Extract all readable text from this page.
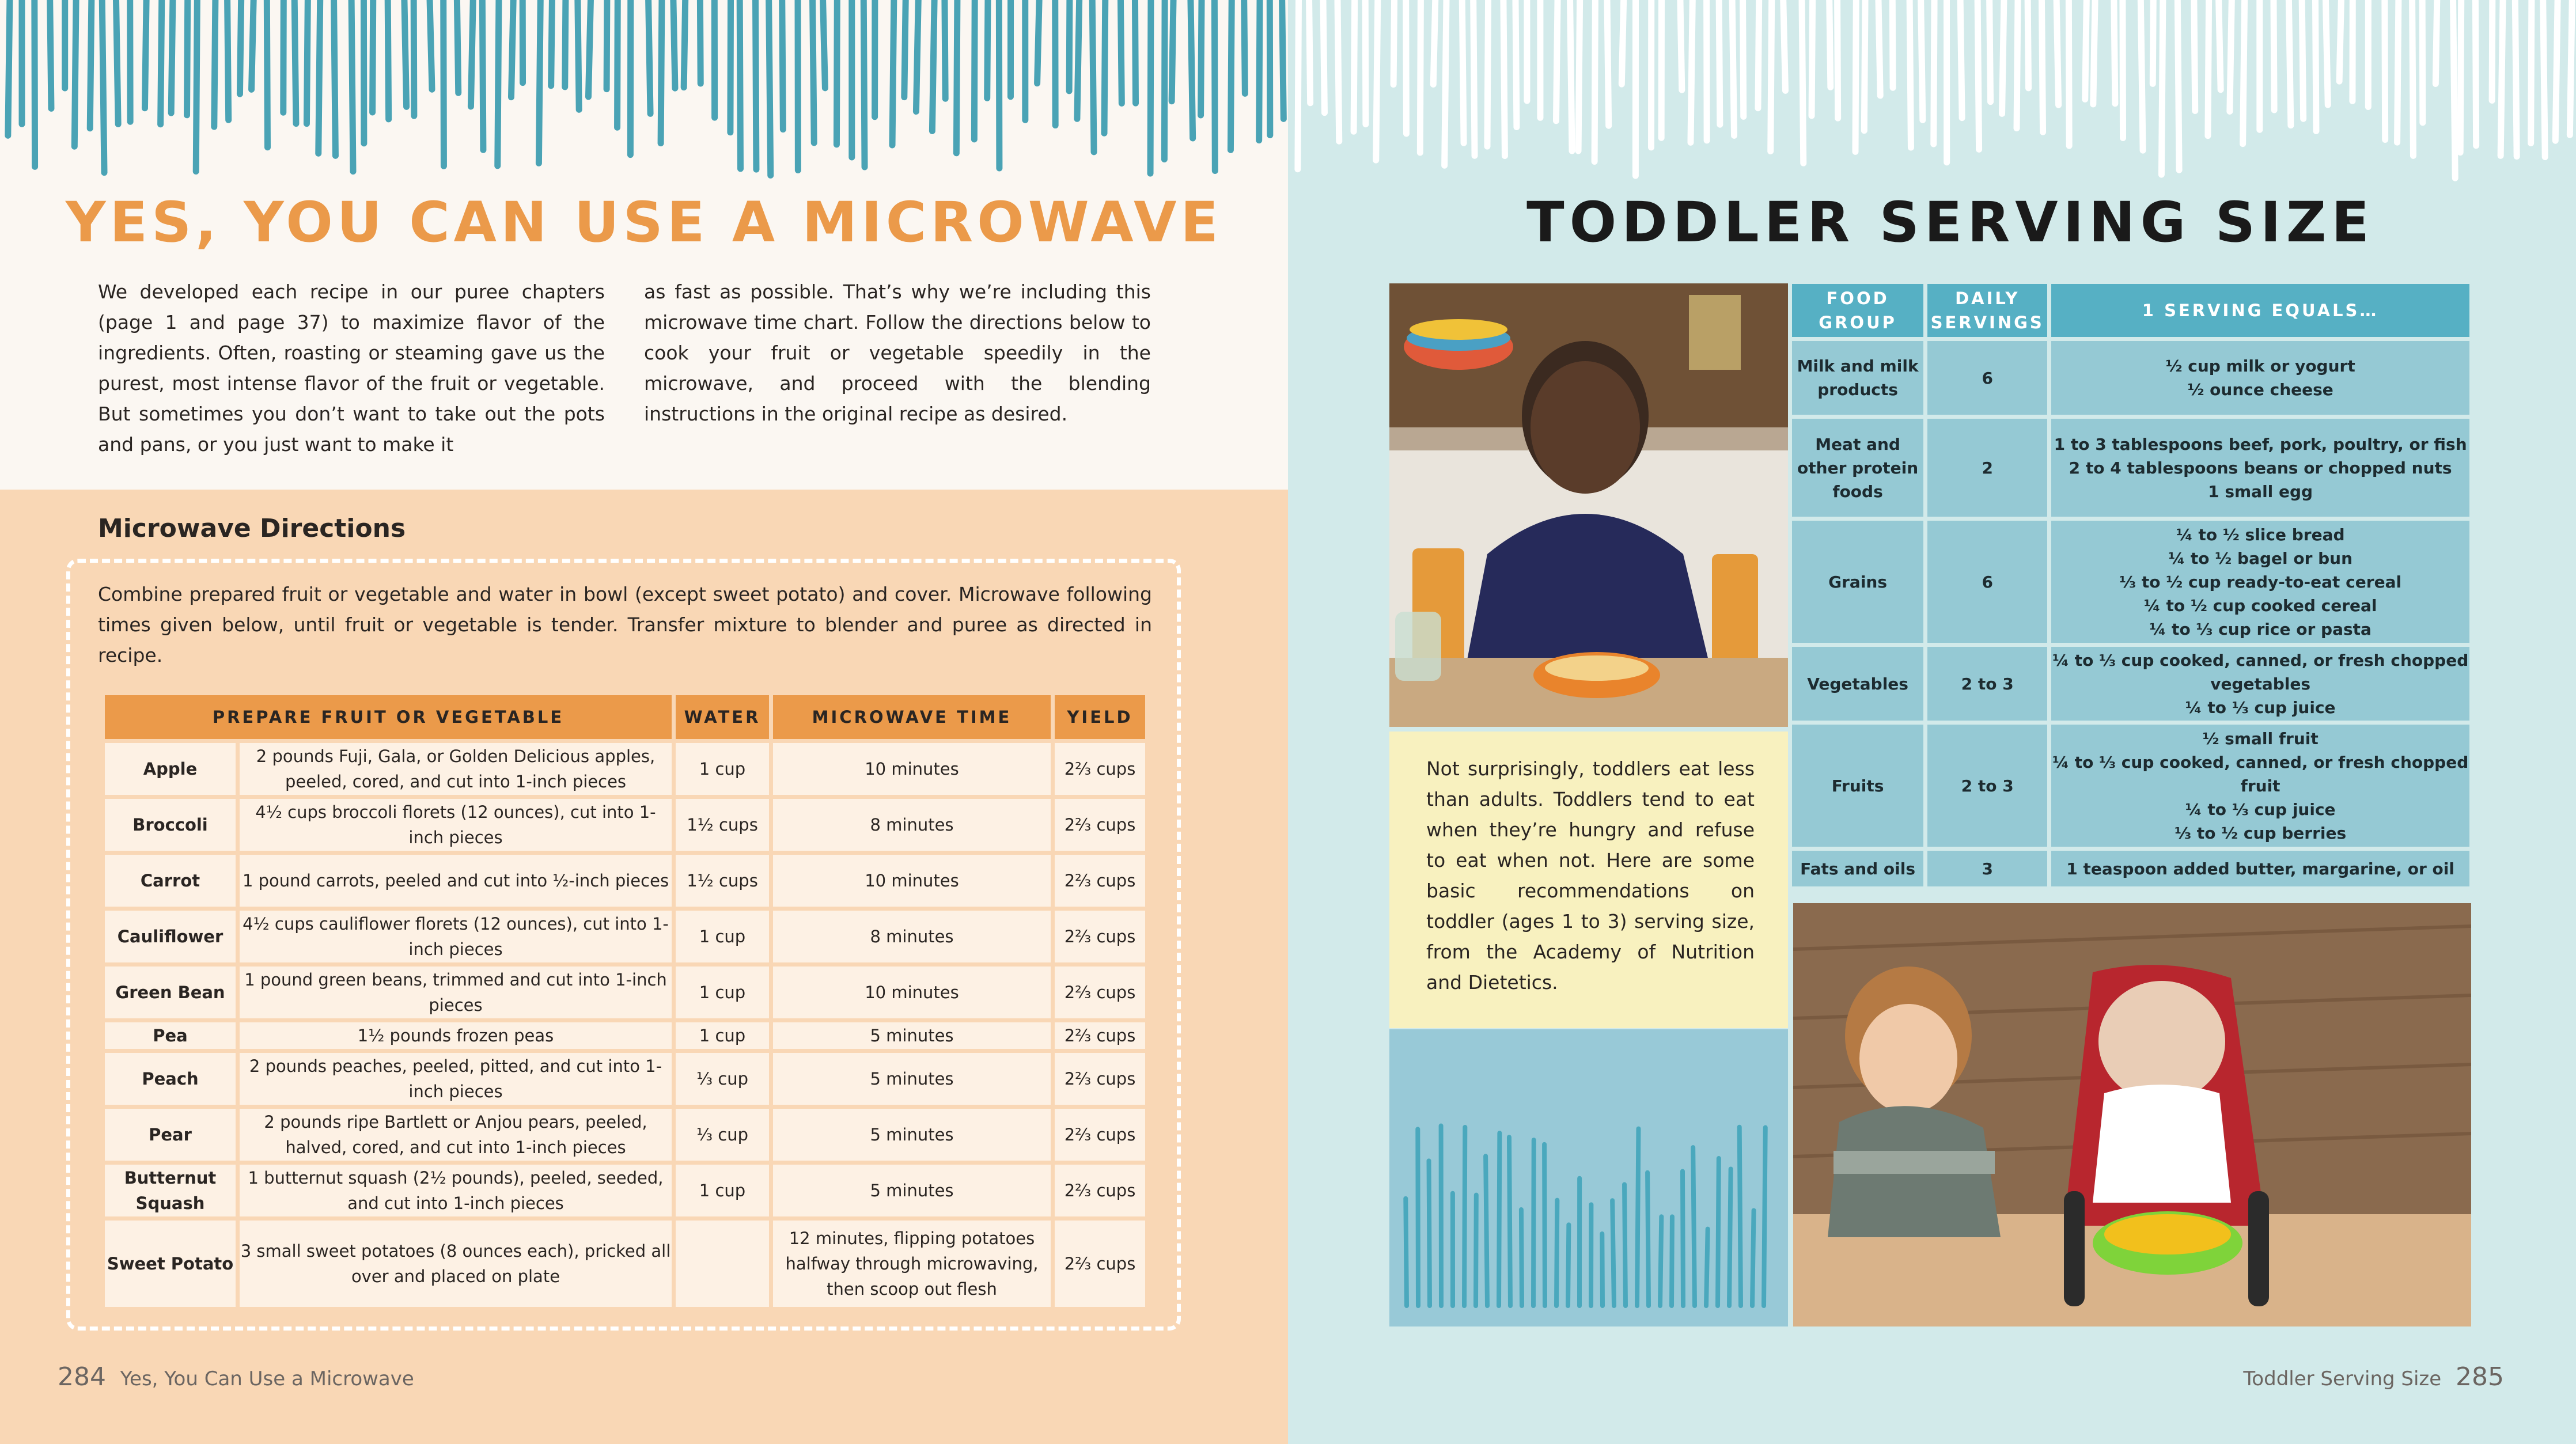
YES, YOU CAN USE A MICROWAVE
We developed each recipe in our puree chapters (page 1 and page 37) to maximize flavor of the ingredients. Often, roasting or steaming gave us the purest, most intense flavor of the fruit or vegetable. But sometimes you don’t want to take out the pots and pans, or you just want to make it
as fast as possible. That’s why we’re including this microwave time chart. Follow the directions below to cook your fruit or vegetable speedily in the microwave, and proceed with the blending instructions in the original recipe as desired.
Microwave Directions
Combine prepared fruit or vegetable and water in bowl (except sweet potato) and cover. Microwave following times given below, until fruit or vegetable is tender. Transfer mixture to blender and puree as directed in recipe.
PREPARE FRUIT OR VEGETABLE		WATER	MICROWAVE TIME	YIELD
Apple	2 pounds Fuji, Gala, or Golden Delicious apples, peeled, cored, and cut into 1-inch pieces	1 cup	10 minutes	2⅔ cups
Broccoli	4½ cups broccoli florets (12 ounces), cut into 1-inch pieces	1½ cups	8 minutes	2⅔ cups
Carrot	1 pound carrots, peeled and cut into ½-inch pieces	1½ cups	10 minutes	2⅔ cups
Cauliflower	4½ cups cauliflower florets (12 ounces), cut into 1-inch pieces	1 cup	8 minutes	2⅔ cups
Green Bean	1 pound green beans, trimmed and cut into 1-inch pieces	1 cup	10 minutes	2⅔ cups
Pea	1½ pounds frozen peas	1 cup	5 minutes	2⅔ cups
Peach	2 pounds peaches, peeled, pitted, and cut into 1-inch pieces	⅓ cup	5 minutes	2⅔ cups
Pear	2 pounds ripe Bartlett or Anjou pears, peeled, halved, cored, and cut into 1-inch pieces	⅓ cup	5 minutes	2⅔ cups
Butternut Squash	1 butternut squash (2½ pounds), peeled, seeded, and cut into 1-inch pieces	1 cup	5 minutes	2⅔ cups
Sweet Potato	3 small sweet potatoes (8 ounces each), pricked all over and placed on plate		12 minutes, flipping potatoes halfway through microwaving, then scoop out flesh	2⅔ cups
284 Yes, You Can Use a Microwave
TODDLER SERVING SIZE
FOOD GROUP	DAILY SERVINGS	1 SERVING EQUALS…
Milk and milk products	6	½ cup milk or yogurt
½ ounce cheese
Meat and other protein foods	2	1 to 3 tablespoons beef, pork, poultry, or fish
2 to 4 tablespoons beans or chopped nuts
1 small egg
Grains	6	¼ to ½ slice bread
¼ to ½ bagel or bun
⅓ to ½ cup ready-to-eat cereal
¼ to ½ cup cooked cereal
¼ to ⅓ cup rice or pasta
Vegetables	2 to 3	¼ to ⅓ cup cooked, canned, or fresh chopped vegetables
¼ to ⅓ cup juice
Fruits	2 to 3	½ small fruit
¼ to ⅓ cup cooked, canned, or fresh chopped fruit
¼ to ⅓ cup juice
⅓ to ½ cup berries
Fats and oils	3	1 teaspoon added butter, margarine, or oil
Not surprisingly, toddlers eat less than adults. Toddlers tend to eat when they’re hungry and refuse to eat when not. Here are some basic recommendations on toddler (ages 1 to 3) serving size, from the Academy of Nutrition and Dietetics.
Toddler Serving Size 285
